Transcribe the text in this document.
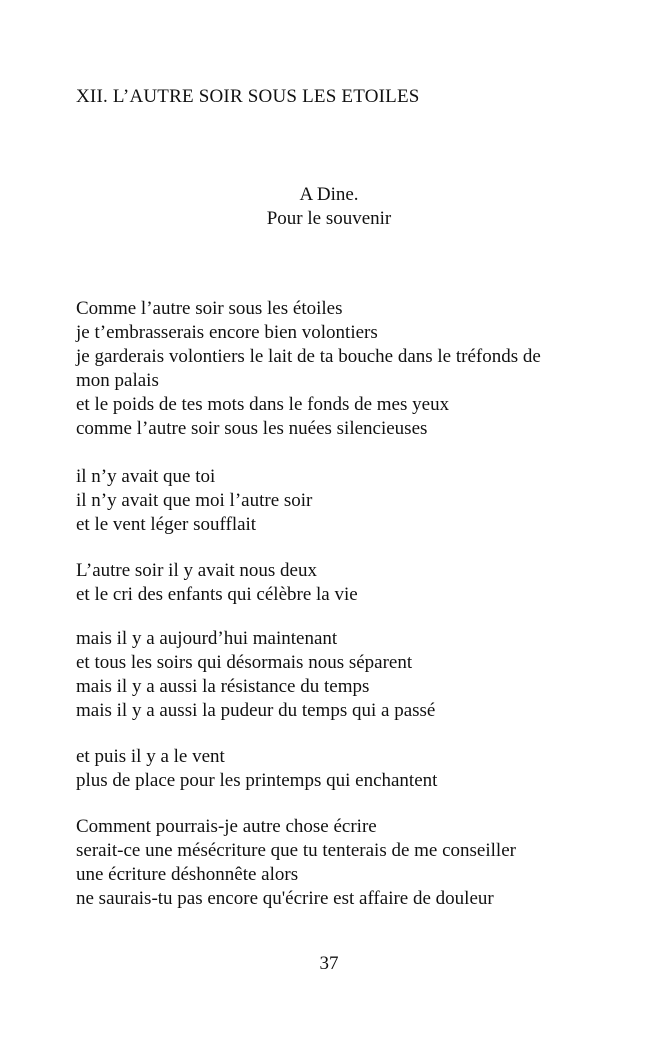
XII. L’AUTRE SOIR SOUS LES ETOILES
A Dine.
Pour le souvenir
Comme l’autre soir sous les étoiles
je t’embrasserais encore bien volontiers
je garderais volontiers le lait de ta bouche dans le tréfonds de
mon palais
et le poids de tes mots dans le fonds de mes yeux
comme l’autre soir sous les nuées silencieuses
il n’y avait que toi
il n’y avait que moi l’autre soir
et le vent léger soufflait
L’autre soir il y avait nous deux
et le cri des enfants qui célèbre la vie
mais il y a aujourd’hui maintenant
et tous les soirs qui désormais nous séparent
mais il y a aussi la résistance du temps
mais il y a aussi la pudeur du temps qui a passé
et puis il y a le vent
plus de place pour les printemps qui enchantent
Comment pourrais-je autre chose écrire
serait-ce une mésécriture que tu tenterais de me conseiller
une écriture déshonnête alors
ne saurais-tu pas encore qu'écrire est affaire de douleur
37
